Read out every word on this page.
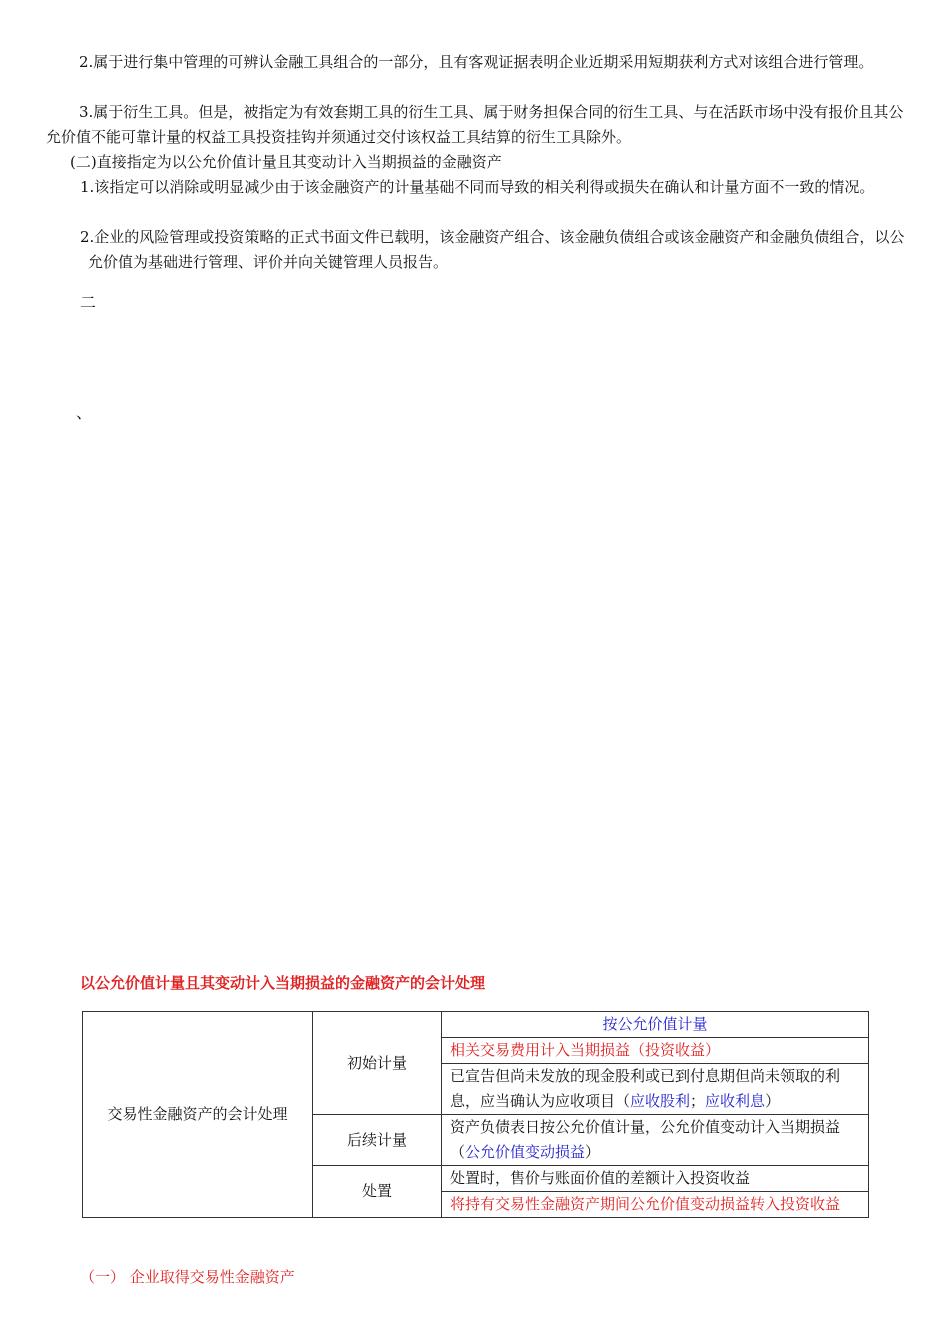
2.属于进行集中管理的可辨认金融工具组合的一部分，且有客观证据表明企业近期采用短期获利方式对该组合进行管理。

3.属于衍生工具。但是，被指定为有效套期工具的衍生工具、属于财务担保合同的衍生工具、与在活跃市场中没有报价且其公允价值不能可靠计量的权益工具投资挂钩并须通过交付该权益工具结算的衍生工具除外。

(二)直接指定为以公允价值计量且其变动计入当期损益的金融资产

1.该指定可以消除或明显减少由于该金融资产的计量基础不同而导致的相关利得或损失在确认和计量方面不一致的情况。

2.企业的风险管理或投资策略的正式书面文件已载明，该金融资产组合、该金融负债组合或该金融资产和金融负债组合，以公允价值为基础进行管理、评价并向关键管理人员报告。

二
、
以公允价值计量且其变动计入当期损益的金融资产的会计处理
交易性金融资产的会计处理	初始计量	按公允价值计量
		相关交易费用计入当期损益（投资收益）
		已宣告但尚未发放的现金股利或已到付息期但尚未领取的利息，应当确认为应收项目（应收股利；应收利息）
	后续计量	资产负债表日按公允价值计量，公允价值变动计入当期损益（公允价值变动损益）
	处置	处置时，售价与账面价值的差额计入投资收益
		将持有交易性金融资产期间公允价值变动损益转入投资收益
（一） 企业取得交易性金融资产
